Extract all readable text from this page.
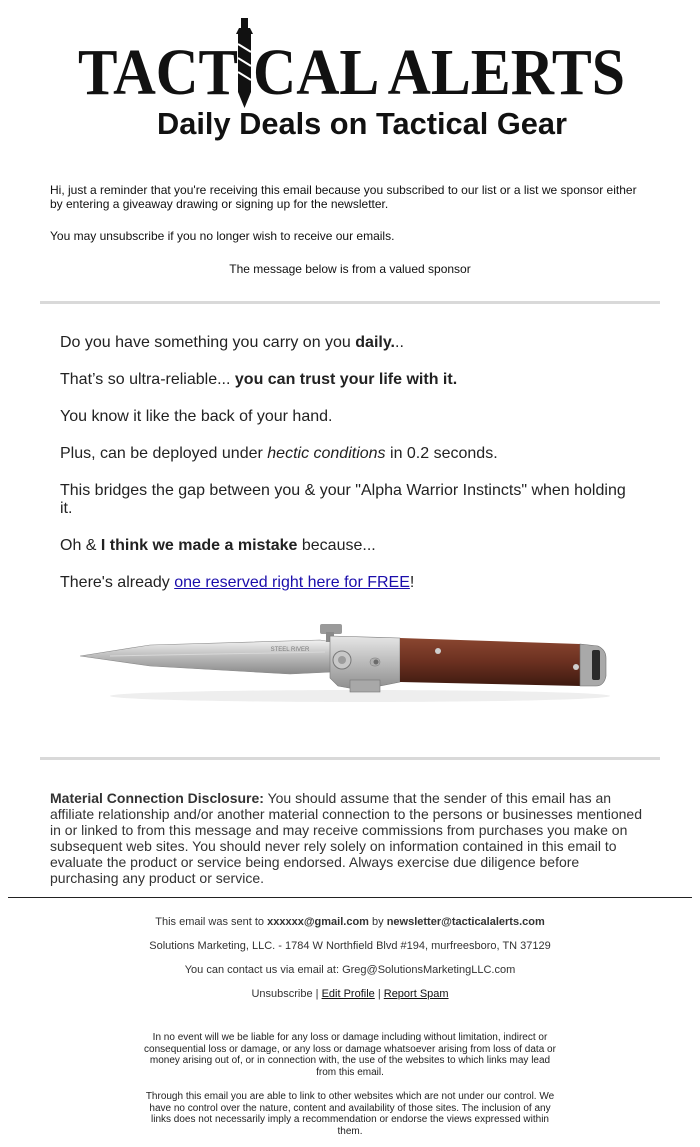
TACT CAL ALERTS
Daily Deals on Tactical Gear

Hi, just a reminder that you're receiving this email because you subscribed to our list or a list we sponsor either by entering a giveaway drawing or signing up for the newsletter.

You may unsubscribe if you no longer wish to receive our emails.

The message below is from a valued sponsor

Do you have something you carry on you daily...

That’s so ultra-reliable... you can trust your life with it.

You know it like the back of your hand.

Plus, can be deployed under hectic conditions in 0.2 seconds.

This bridges the gap between you & your "Alpha Warrior Instincts" when holding it.

Oh & I think we made a mistake because...

There's already one reserved right here for FREE!

STEEL RIVER
Material Connection Disclosure: You should assume that the sender of this email has an affiliate relationship and/or another material connection to the persons or businesses mentioned in or linked to from this message and may receive commissions from purchases you make on subsequent web sites. You should never rely solely on information contained in this email to evaluate the product or service being endorsed. Always exercise due diligence before purchasing any product or service.
This email was sent to xxxxxx@gmail.com by newsletter@tacticalalerts.com
Solutions Marketing, LLC. - 1784 W Northfield Blvd #194, murfreesboro, TN 37129
You can contact us via email at: Greg@SolutionsMarketingLLC.com
Unsubscribe | Edit Profile | Report Spam
In no event will we be liable for any loss or damage including without limitation, indirect or consequential loss or damage, or any loss or damage whatsoever arising from loss of data or money arising out of, or in connection with, the use of the websites to which links may lead from this email.
Through this email you are able to link to other websites which are not under our control. We have no control over the nature, content and availability of those sites. The inclusion of any links does not necessarily imply a recommendation or endorse the views expressed within them.
